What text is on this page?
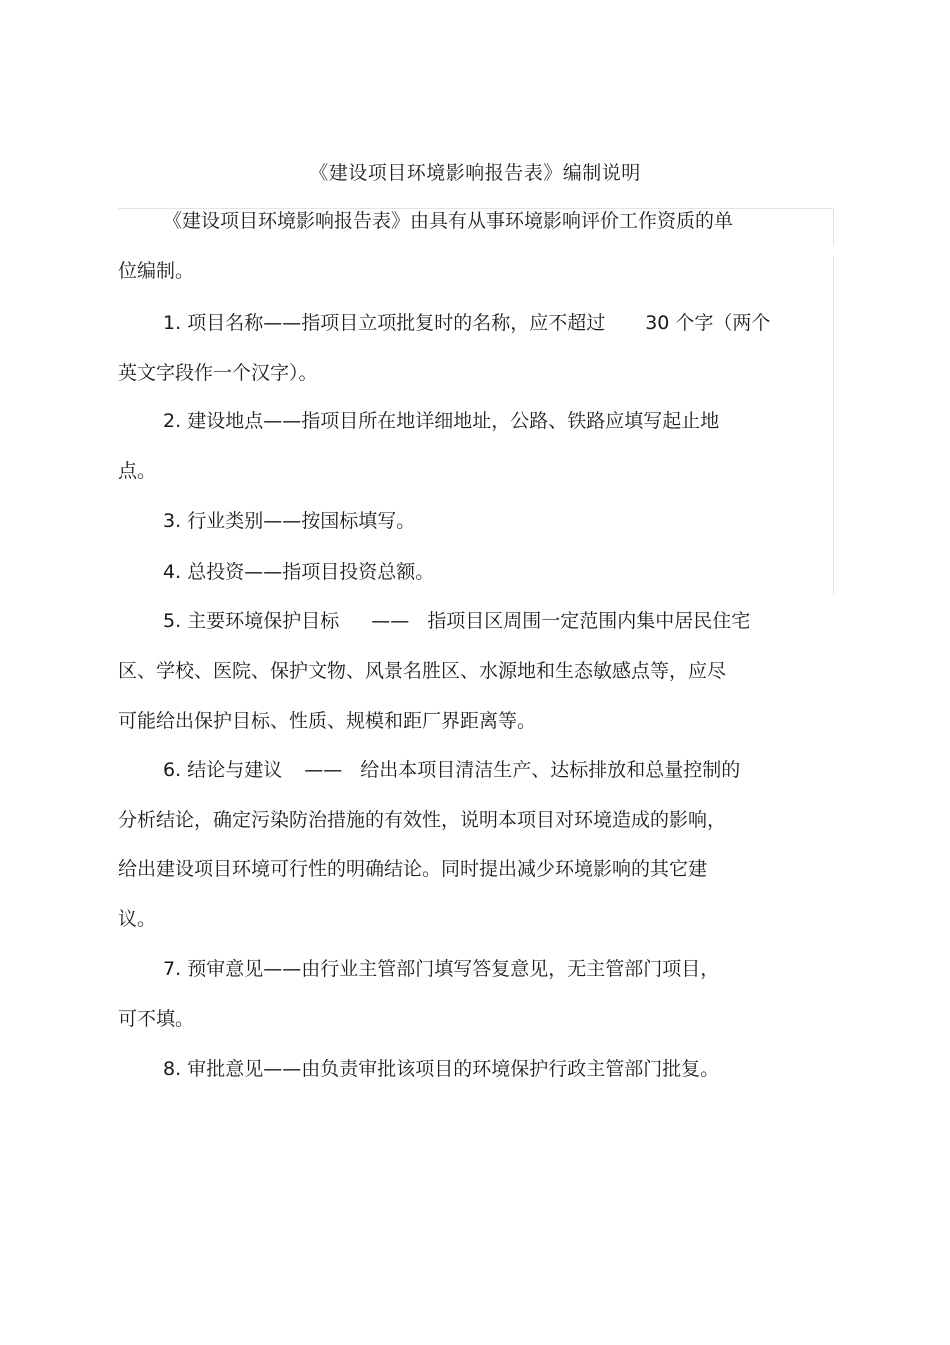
《建设项目环境影响报告表》编制说明
《建设项目环境影响报告表》由具有从事环境影响评价工作资质的单
位编制。
1. 项目名称——指项目立项批复时的名称，应不超过 30 个字（两个
英文字段作一个汉字）。
2. 建设地点——指项目所在地详细地址，公路、铁路应填写起止地
点。
3. 行业类别——按国标填写。
4. 总投资——指项目投资总额。
5. 主要环境保护目标 —— 指项目区周围一定范围内集中居民住宅
区、学校、医院、保护文物、风景名胜区、水源地和生态敏感点等，应尽
可能给出保护目标、性质、规模和距厂界距离等。
6. 结论与建议 —— 给出本项目清洁生产、达标排放和总量控制的
分析结论，确定污染防治措施的有效性，说明本项目对环境造成的影响，
给出建设项目环境可行性的明确结论。同时提出减少环境影响的其它建
议。
7. 预审意见——由行业主管部门填写答复意见，无主管部门项目，
可不填。
8. 审批意见——由负责审批该项目的环境保护行政主管部门批复。
